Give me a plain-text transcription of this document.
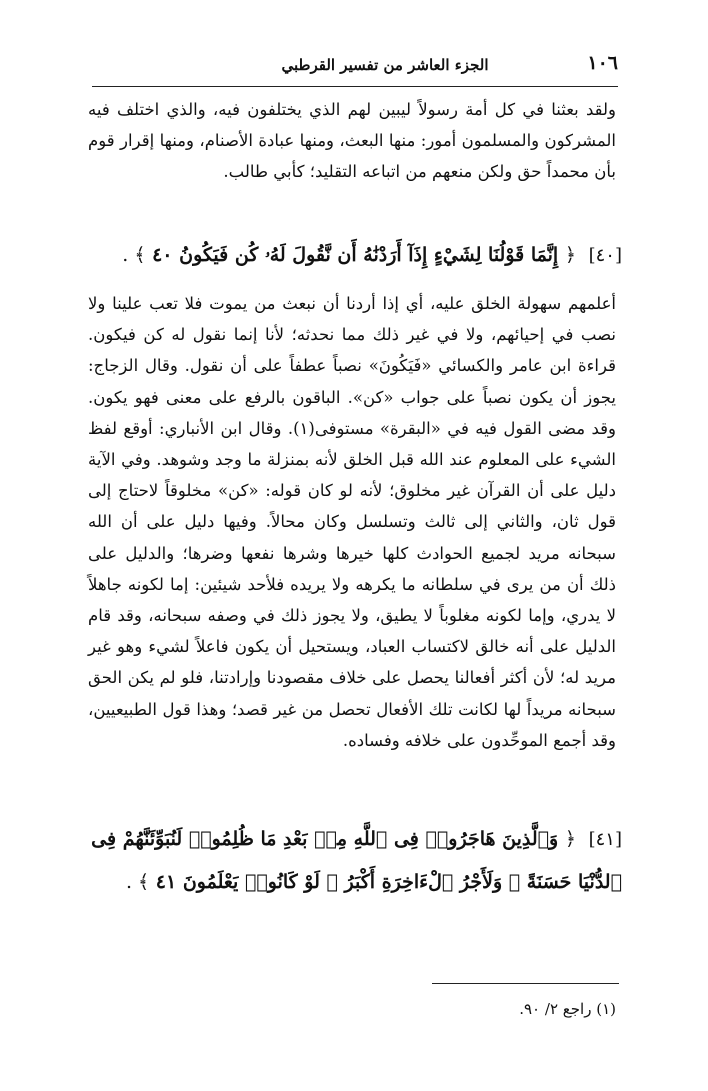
١٠٦
الجزء العاشر من تفسير القرطبي

ولقد بعثنا في كل أمة رسولاً ليبين لهم الذي يختلفون فيه، والذي اختلف فيه المشركون والمسلمون أمور: منها البعث، ومنها عبادة الأصنام، ومنها إقرار قوم بأن محمداً حق ولكن منعهم من اتباعه التقليد؛ كأبي طالب.

[٤٠] ﴿ إِنَّمَا قَوْلُنَا لِشَيْءٍ إِذَآ أَرَدْنَٰهُ أَن نَّقُولَ لَهُۥ كُن فَيَكُونُ ٤٠ ﴾ .

أعلمهم سهولة الخلق عليه، أي إذا أردنا أن نبعث من يموت فلا تعب علينا ولا نصب في إحيائهم، ولا في غير ذلك مما نحدثه؛ لأنا إنما نقول له كن فيكون. قراءة ابن عامر والكسائي «فَيَكُونَ» نصباً عطفاً على أن نقول. وقال الزجاج: يجوز أن يكون نصباً على جواب «كن». الباقون بالرفع على معنى فهو يكون. وقد مضى القول فيه في «البقرة» مستوفى(١). وقال ابن الأنباري: أوقع لفظ الشيء على المعلوم عند الله قبل الخلق لأنه بمنزلة ما وجد وشوهد. وفي الآية دليل على أن القرآن غير مخلوق؛ لأنه لو كان قوله: «كن» مخلوقاً لاحتاج إلى قول ثان، والثاني إلى ثالث وتسلسل وكان محالاً. وفيها دليل على أن الله سبحانه مريد لجميع الحوادث كلها خيرها وشرها نفعها وضرها؛ والدليل على ذلك أن من يرى في سلطانه ما يكرهه ولا يريده فلأحد شيئين: إما لكونه جاهلاً لا يدري، وإما لكونه مغلوباً لا يطيق، ولا يجوز ذلك في وصفه سبحانه، وقد قام الدليل على أنه خالق لاكتساب العباد، ويستحيل أن يكون فاعلاً لشيء وهو غير مريد له؛ لأن أكثر أفعالنا يحصل على خلاف مقصودنا وإرادتنا، فلو لم يكن الحق سبحانه مريداً لها لكانت تلك الأفعال تحصل من غير قصد؛ وهذا قول الطبيعيين، وقد أجمع الموحِّدون على خلافه وفساده.

[٤١] ﴿ وَٱلَّذِينَ هَاجَرُوا۟ فِى ٱللَّهِ مِنۢ بَعْدِ مَا ظُلِمُوا۟ لَنُبَوِّئَنَّهُمْ فِى ٱلدُّنْيَا حَسَنَةً ۖ وَلَأَجْرُ ٱلْءَاخِرَةِ أَكْبَرُ ۚ لَوْ كَانُوا۟ يَعْلَمُونَ ٤١ ﴾ .
(١) راجع ٢/ ٩٠.
